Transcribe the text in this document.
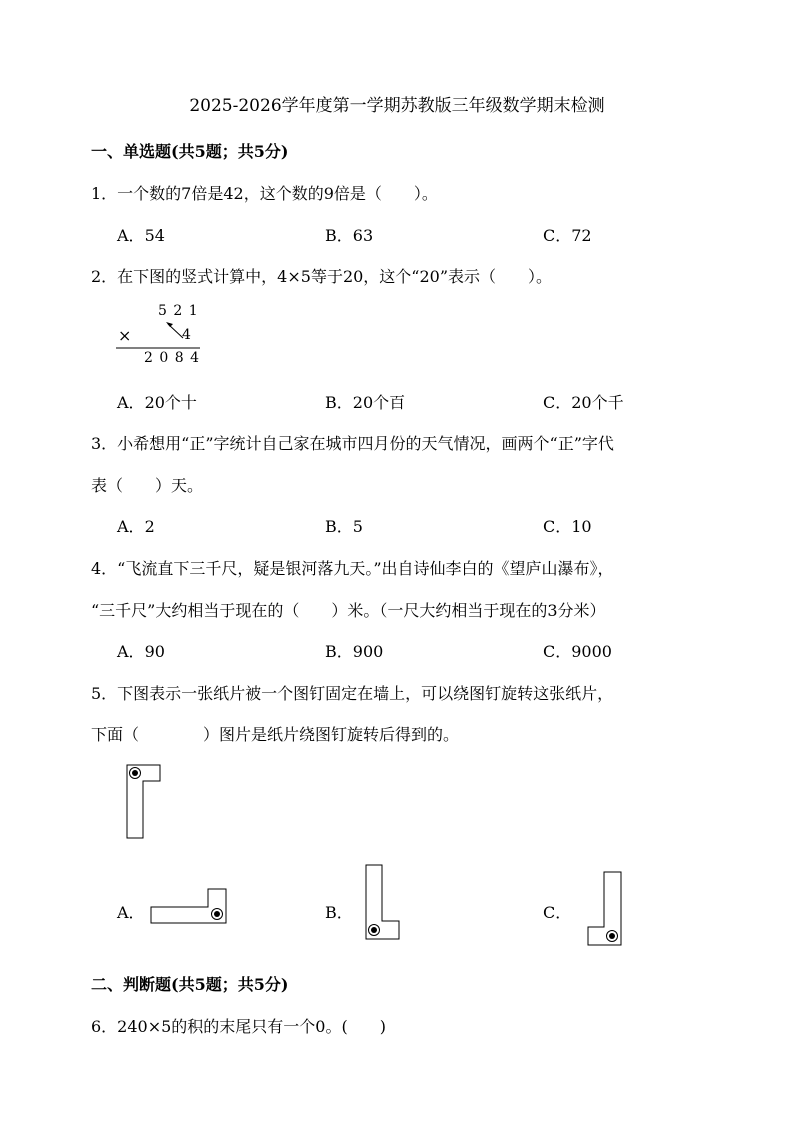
2025-2026学年度第一学期苏教版三年级数学期末检测
一、单选题(共5题；共5分)
1．一个数的7倍是42，这个数的9倍是（　　）。
A．54	B．63	C．72
2．在下图的竖式计算中，4×5等于20，这个“20”表示（　　）。
5 2 1
×	4
2 0 8 4
A．20个十	B．20个百	C．20个千
3．小希想用“正”字统计自己家在城市四月份的天气情况，画两个“正”字代
表（　　）天。
A．2	B．5	C．10
4．“飞流直下三千尺，疑是银河落九天。”出自诗仙李白的《望庐山瀑布》，
“三千尺”大约相当于现在的（　　）米。（一尺大约相当于现在的3分米）
A．90	B．900	C．9000
5．下图表示一张纸片被一个图钉固定在墙上，可以绕图钉旋转这张纸片，
下面（　　　　）图片是纸片绕图钉旋转后得到的。
A．	B．	C．
二、判断题(共5题；共5分)
6．240×5的积的末尾只有一个0。(　　)
